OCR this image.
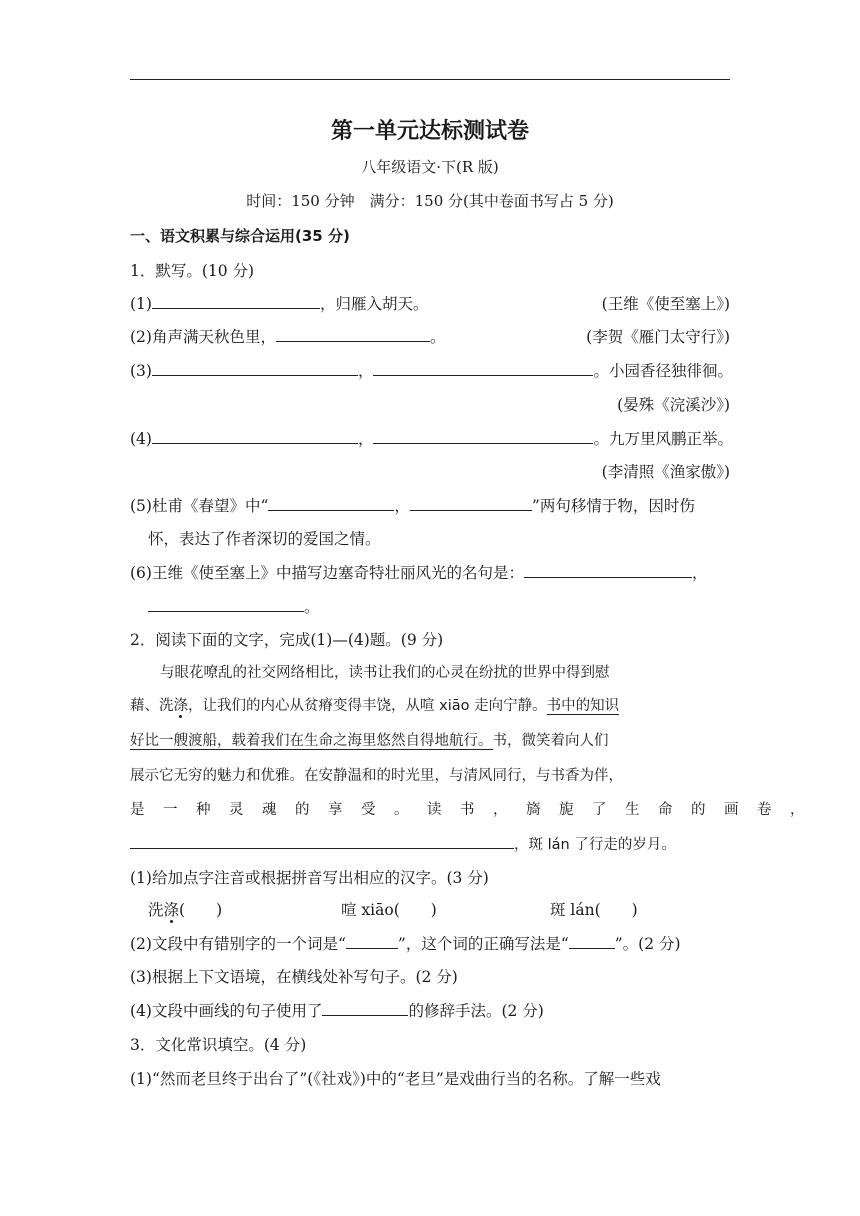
第一单元达标测试卷
八年级语文·下(R 版)
时间：150 分钟　满分：150 分(其中卷面书写占 5 分)
一、语文积累与综合运用(35 分)
1．默写。(10 分)
(1)	，归雁入胡天。	(王维《使至塞上》)
(2)角声满天秋色里，	。	(李贺《雁门太守行》)
(3)	，	。小园香径独徘徊。
(晏殊《浣溪沙》)
(4)	，	。九万里风鹏正举。
(李清照《渔家傲》)
(5)杜甫《春望》中“	，	”两句移情于物，因时伤
怀，表达了作者深切的爱国之情。
(6)王维《使至塞上》中描写边塞奇特壮丽风光的名句是：	，
。
2．阅读下面的文字，完成(1)—(4)题。(9 分)
与眼花嘹乱的社交网络相比，读书让我们的心灵在纷扰的世界中得到慰
藉、洗涤，让我们的内心从贫瘠变得丰饶，从喧 xiāo 走向宁静。书中的知识
好比一艘渡船，载着我们在生命之海里悠然自得地航行。书，微笑着向人们
展示它无穷的魅力和优雅。在安静温和的时光里，与清风同行，与书香为伴，
是一种灵魂的享受。读书，旖旎了生命的画卷，
，斑 lán 了行走的岁月。
(1)给加点字注音或根据拼音写出相应的汉字。(3 分)
洗涤(　　)	喧 xiāo(　　)	斑 lán(　　)
(2)文段中有错别字的一个词是“	”，这个词的正确写法是“	”。(2 分)
(3)根据上下文语境，在横线处补写句子。(2 分)
(4)文段中画线的句子使用了	的修辞手法。(2 分)
3．文化常识填空。(4 分)
(1)“然而老旦终于出台了”(《社戏》)中的“老旦”是戏曲行当的名称。了解一些戏
